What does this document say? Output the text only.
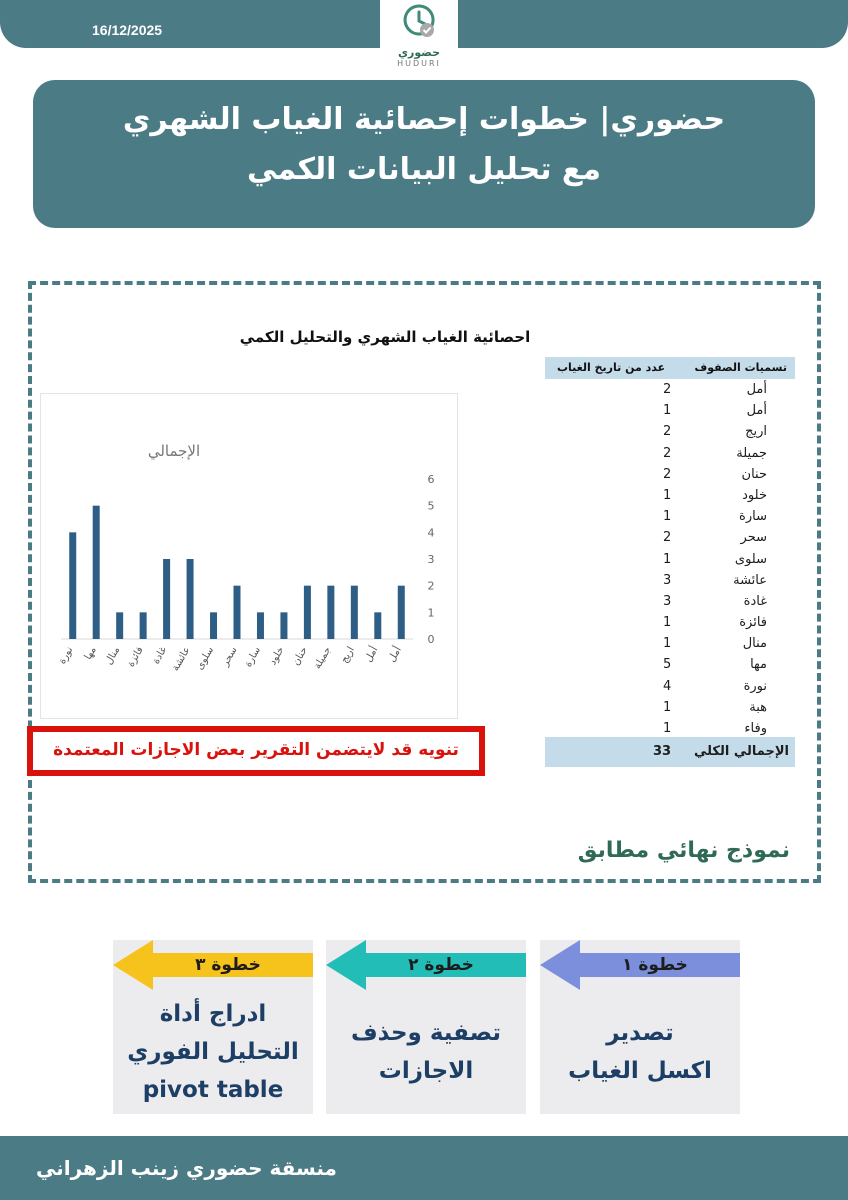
16/12/2025
حضوري
HUDURI
حضوري| خطوات إحصائية الغياب الشهري
مع تحليل البيانات الكمي
احصائية الغياب الشهري والتحليل الكمي
الإجمالي
0
1
2
3
4
5
6
نورة مها منال فائزة غادة عائشة سلوى سحر سارة خلود حنان جميلة اريج أمل أمل
تسميات الصفوف
عدد من تاريخ الغياب
أمل
2
أمل
1
اريج
2
جميلة
2
حنان
2
خلود
1
سارة
1
سحر
2
سلوى
1
عائشة
3
غادة
3
فائزة
1
منال
1
مها
5
نورة
4
هبة
1
وفاء
1
الإجمالي الكلي
33
تنويه قد لايتضمن التقرير بعض الاجازات المعتمدة
نموذج نهائي مطابق
خطوة ١
تصدير
اكسل الغياب
خطوة ٢
تصفية وحذف
الاجازات
خطوة ٣
ادراج أداة
التحليل الفوري
pivot table
منسقة حضوري زينب الزهراني
